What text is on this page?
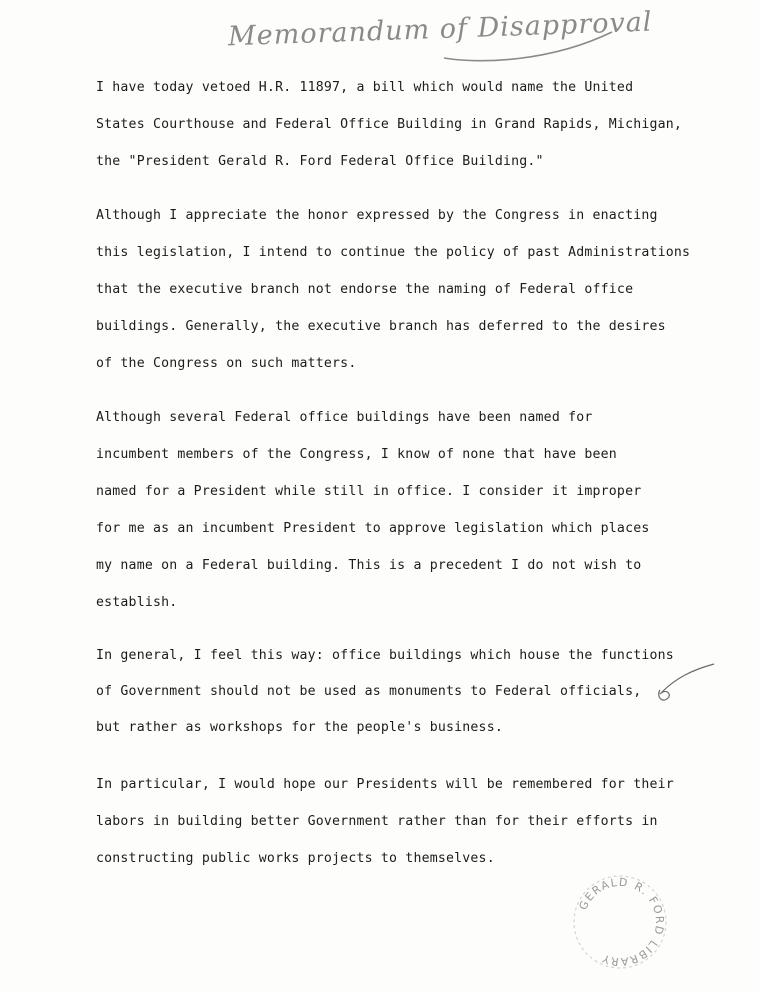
Memorandum of Disapproval
I have today vetoed H.R. 11897, a bill which would name the United
States Courthouse and Federal Office Building in Grand Rapids, Michigan,
the "President Gerald R. Ford Federal Office Building."
Although I appreciate the honor expressed by the Congress in enacting
this legislation, I intend to continue the policy of past Administrations
that the executive branch not endorse the naming of Federal office
buildings. Generally, the executive branch has deferred to the desires
of the Congress on such matters.
Although several Federal office buildings have been named for
incumbent members of the Congress, I know of none that have been
named for a President while still in office. I consider it improper
for me as an incumbent President to approve legislation which places
my name on a Federal building. This is a precedent I do not wish to
establish.
In general, I feel this way: office buildings which house the functions
of Government should not be used as monuments to Federal officials,
but rather as workshops for the people's business.
In particular, I would hope our Presidents will be remembered for their
labors in building better Government rather than for their efforts in
constructing public works projects to themselves.
GERALD R. FORD LIBRARY
